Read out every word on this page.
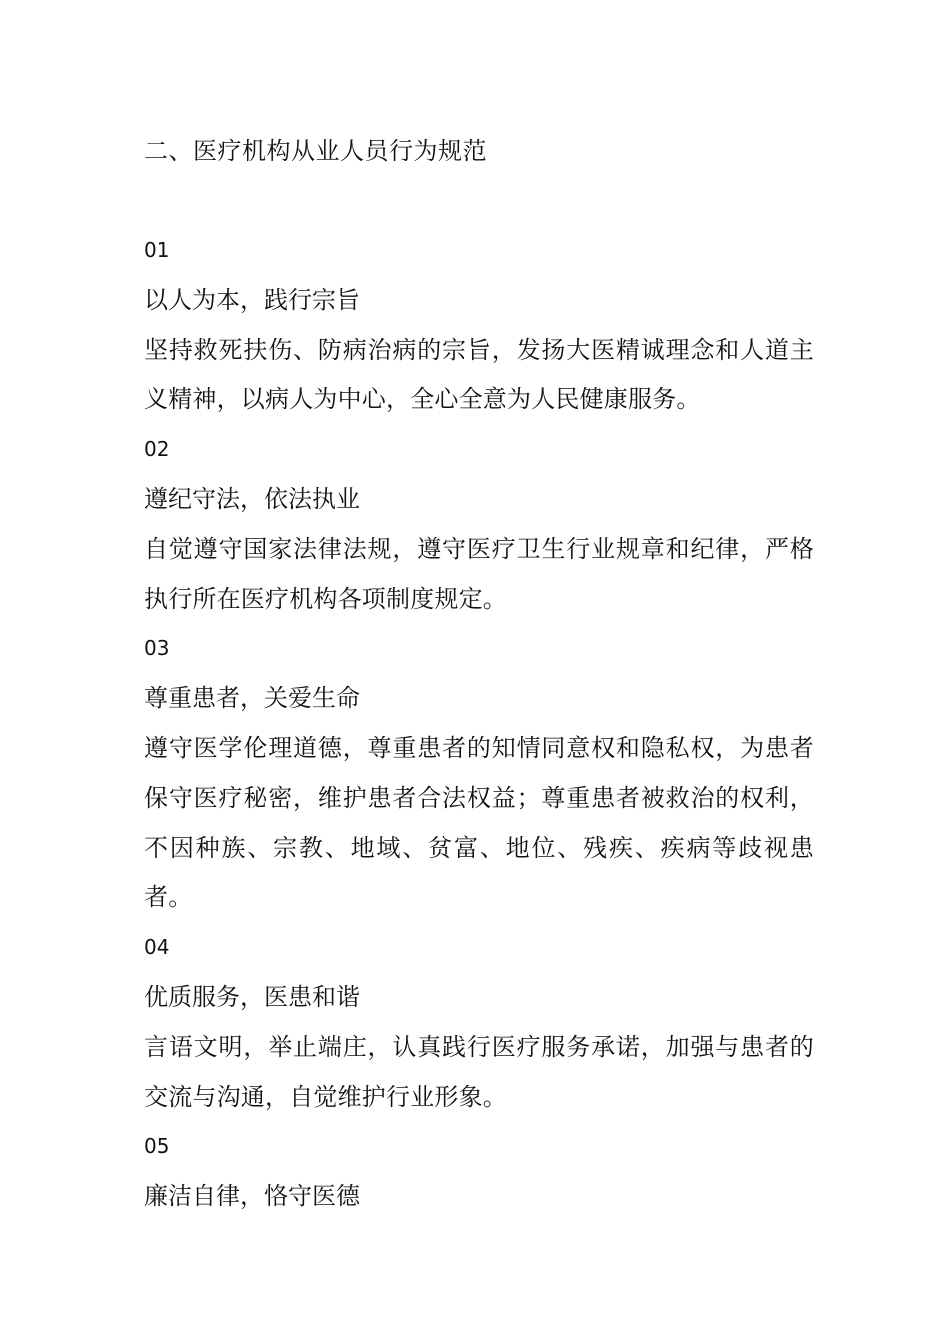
二、医疗机构从业人员行为规范

01

以人为本，践行宗旨

坚持救死扶伤、防病治病的宗旨，发扬大医精诚理念和人道主义精神，以病人为中心，全心全意为人民健康服务。

02

遵纪守法，依法执业

自觉遵守国家法律法规，遵守医疗卫生行业规章和纪律，严格执行所在医疗机构各项制度规定。

03

尊重患者，关爱生命

遵守医学伦理道德，尊重患者的知情同意权和隐私权，为患者保守医疗秘密，维护患者合法权益；尊重患者被救治的权利，不因种族、宗教、地域、贫富、地位、残疾、疾病等歧视患者。

04

优质服务，医患和谐

言语文明，举止端庄，认真践行医疗服务承诺，加强与患者的交流与沟通，自觉维护行业形象。

05

廉洁自律，恪守医德
